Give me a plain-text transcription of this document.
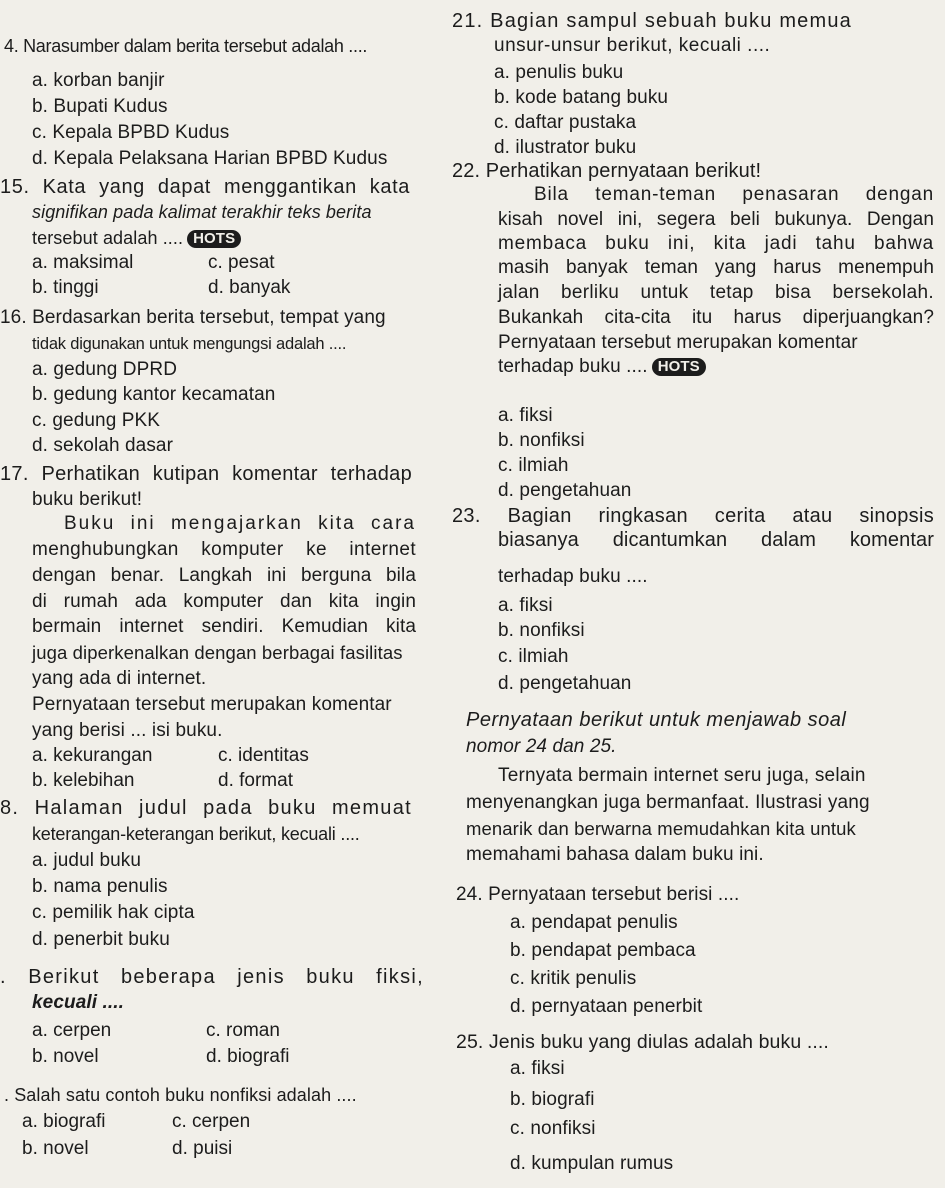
4. Narasumber dalam berita tersebut adalah ....
a. korban banjir
b. Bupati Kudus
c. Kepala BPBD Kudus
d. Kepala Pelaksana Harian BPBD Kudus
15. Kata yang dapat menggantikan kata
signifikan pada kalimat terakhir teks berita
tersebut adalah .... HOTS
a. maksimal	c. pesat
b. tinggi	d. banyak
16. Berdasarkan berita tersebut, tempat yang
tidak digunakan untuk mengungsi adalah ....
a. gedung DPRD
b. gedung kantor kecamatan
c. gedung PKK
d. sekolah dasar
17. Perhatikan kutipan komentar terhadap
buku berikut!
Buku ini mengajarkan kita cara
menghubungkan komputer ke internet
dengan benar. Langkah ini berguna bila
di rumah ada komputer dan kita ingin
bermain internet sendiri. Kemudian kita
juga diperkenalkan dengan berbagai fasilitas
yang ada di internet.
Pernyataan tersebut merupakan komentar
yang berisi ... isi buku.
a. kekurangan	c. identitas
b. kelebihan	d. format
8. Halaman judul pada buku memuat
keterangan-keterangan berikut, kecuali ....
a. judul buku
b. nama penulis
c. pemilik hak cipta
d. penerbit buku
. Berikut beberapa jenis buku fiksi,
kecuali ....
a. cerpen	c. roman
b. novel	d. biografi
. Salah satu contoh buku nonfiksi adalah ....
a. biografi	c. cerpen
b. novel	d. puisi
21. Bagian sampul sebuah buku memua
unsur-unsur berikut, kecuali ....
a. penulis buku
b. kode batang buku
c. daftar pustaka
d. ilustrator buku
22. Perhatikan pernyataan berikut!
Bila teman-teman penasaran dengan
kisah novel ini, segera beli bukunya. Dengan
membaca buku ini, kita jadi tahu bahwa
masih banyak teman yang harus menempuh
jalan berliku untuk tetap bisa bersekolah.
Bukankah cita-cita itu harus diperjuangkan?
Pernyataan tersebut merupakan komentar
terhadap buku .... HOTS
a. fiksi
b. nonfiksi
c. ilmiah
d. pengetahuan
23. Bagian ringkasan cerita atau sinopsis
biasanya dicantumkan dalam komentar
terhadap buku ....
a. fiksi
b. nonfiksi
c. ilmiah
d. pengetahuan
Pernyataan berikut untuk menjawab soal
nomor 24 dan 25.
Ternyata bermain internet seru juga, selain
menyenangkan juga bermanfaat. Ilustrasi yang
menarik dan berwarna memudahkan kita untuk
memahami bahasa dalam buku ini.
24. Pernyataan tersebut berisi ....
a. pendapat penulis
b. pendapat pembaca
c. kritik penulis
d. pernyataan penerbit
25. Jenis buku yang diulas adalah buku ....
a. fiksi
b. biografi
c. nonfiksi
d. kumpulan rumus
